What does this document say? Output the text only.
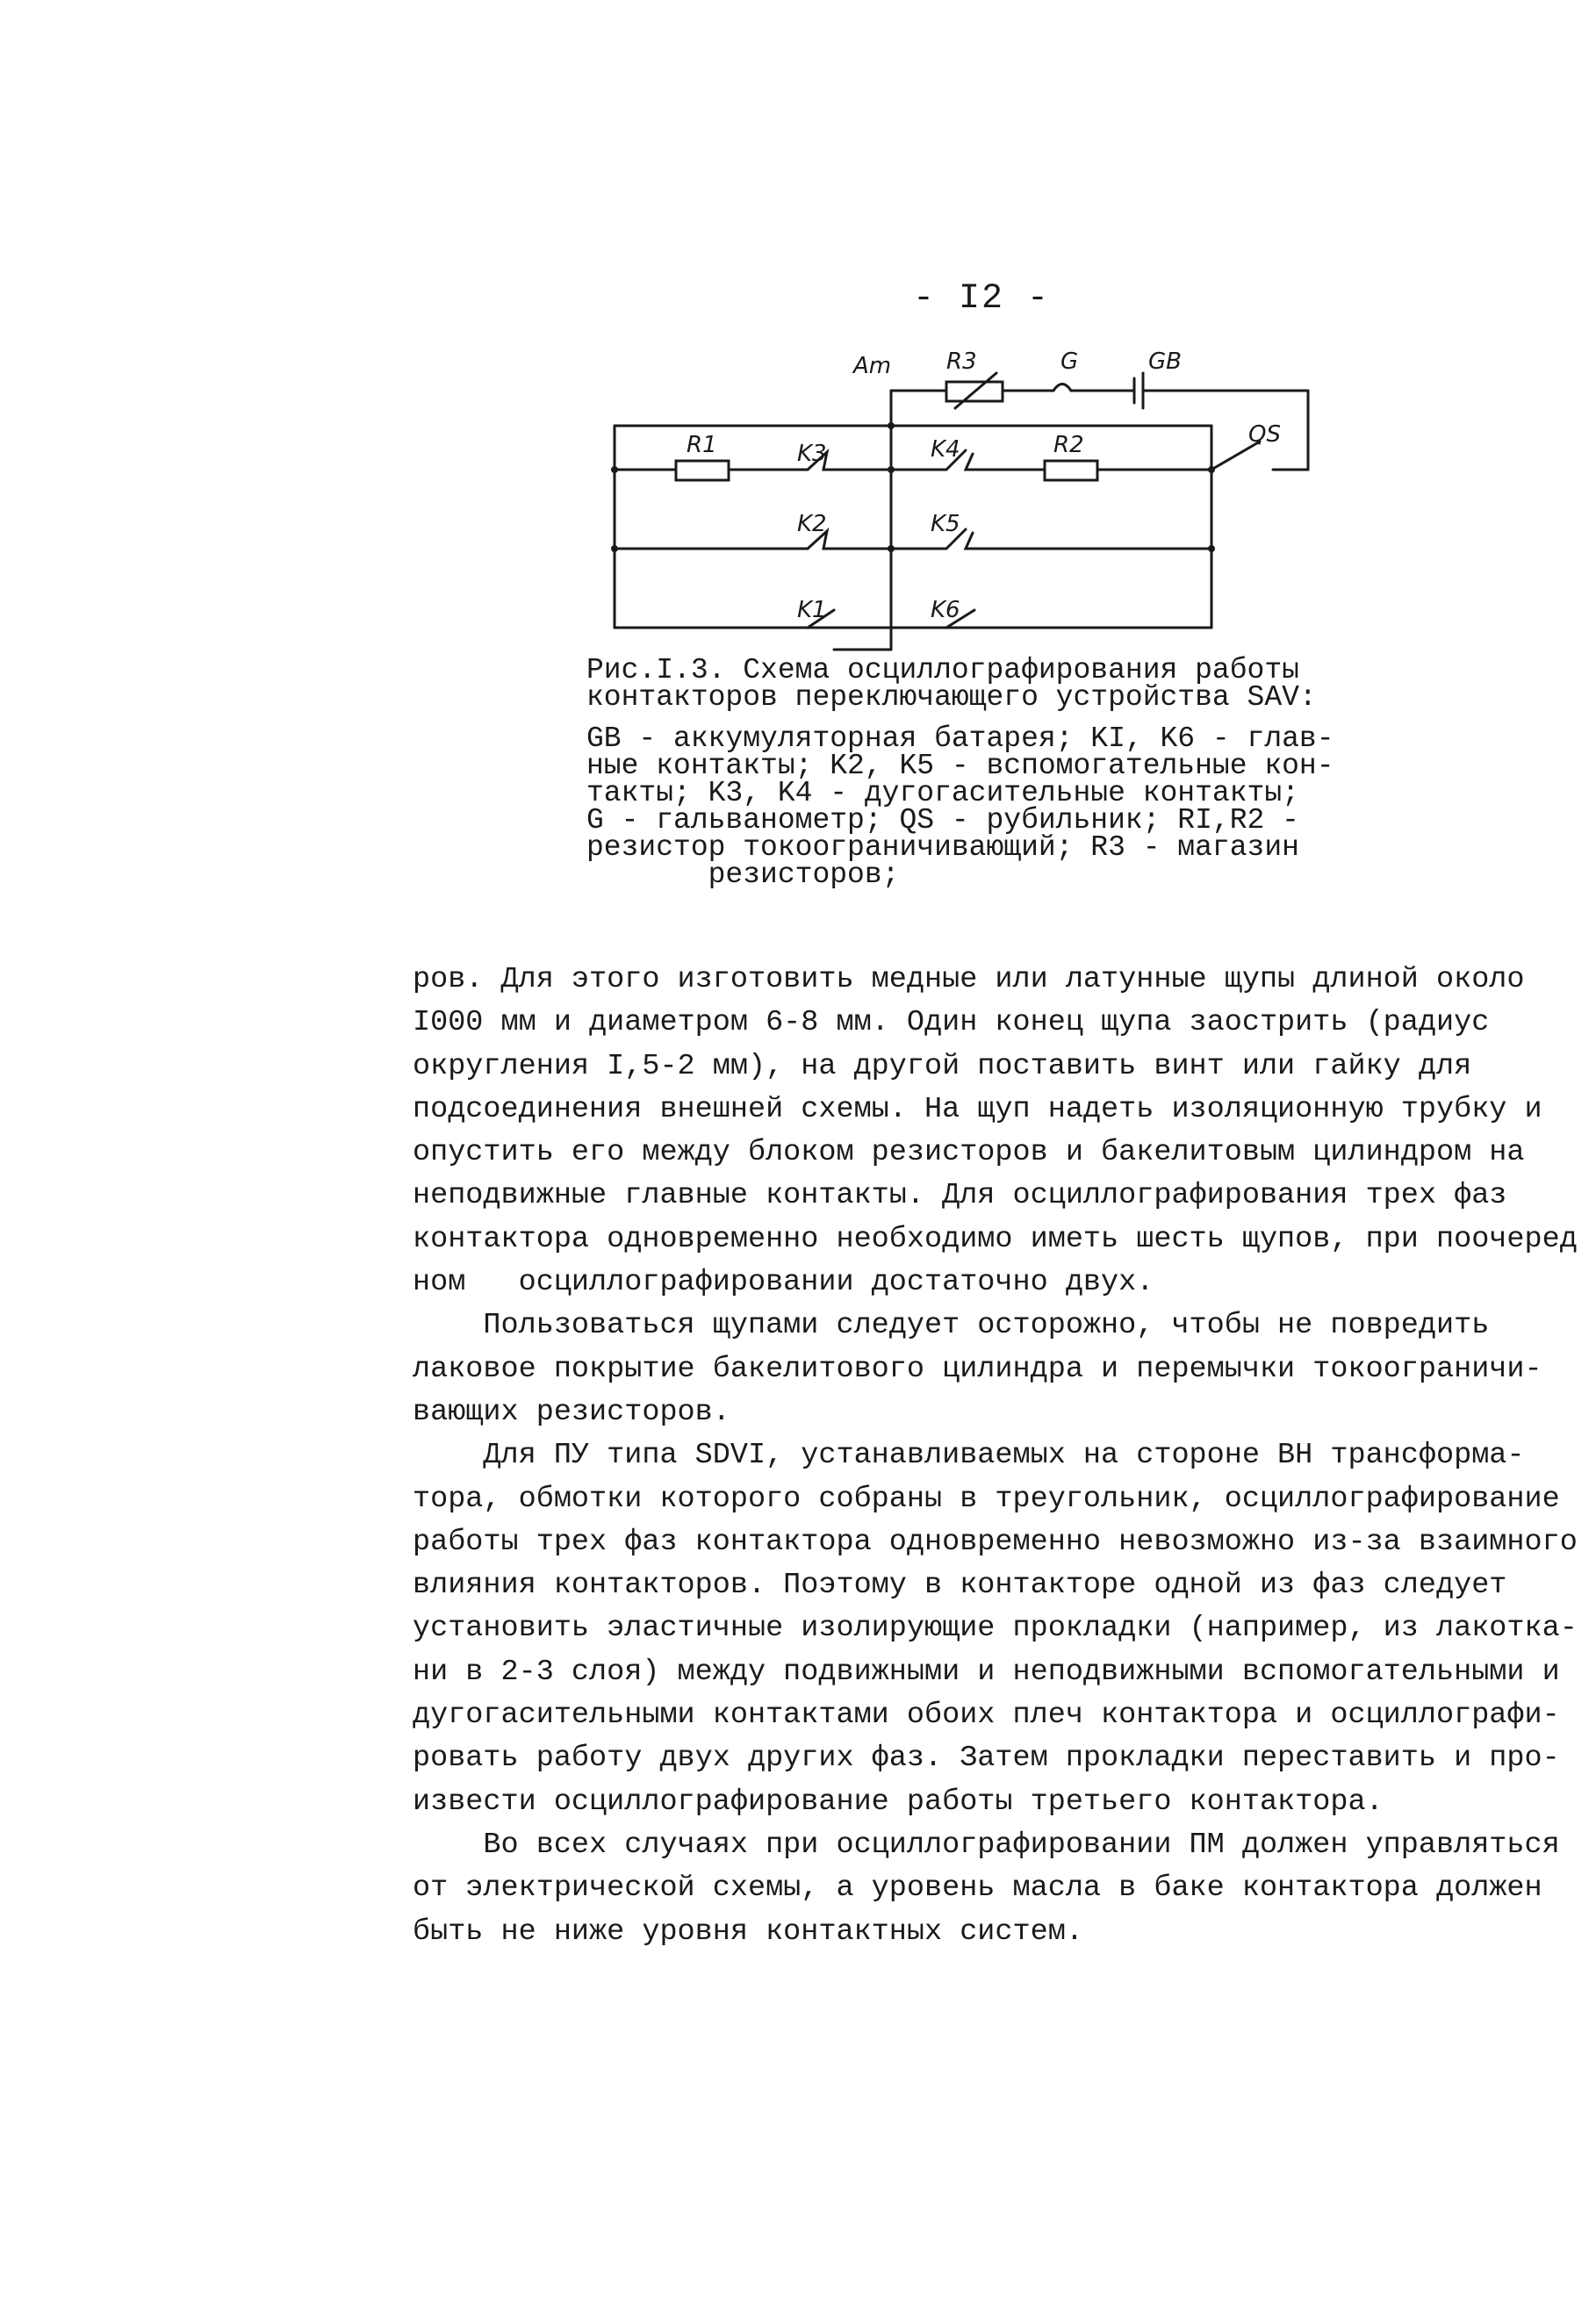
- I2 -
Am R3	G	GB
QS
R1	R2
K3	K4
K2	K5
K1	K6

Рис.I.3. Схема осциллографирования работы

контакторов переключающего устройства SAV:

GB - аккумуляторная батарея; KI, K6 - глав-

ные контакты; K2, K5 - вспомогательные кон-

такты; K3, K4 - дугогасительные контакты;

G - гальванометр; QS - рубильник; RI,R2 -

резистор токоограничивающий; R3 - магазин

резисторов;

ров. Для этого изготовить медные или латунные щупы длиной около

I000 мм и диаметром 6-8 мм. Один конец щупа заострить (радиус

округления I,5-2 мм), на другой поставить винт или гайку для

подсоединения внешней схемы. На щуп надеть изоляционную трубку и

опустить его между блоком резисторов и бакелитовым цилиндром на

неподвижные главные контакты. Для осциллографирования трех фаз

контактора одновременно необходимо иметь шесть щупов, при поочеред

ном   осциллографировании достаточно двух.

Пользоваться щупами следует осторожно, чтобы не повредить

лаковое покрытие бакелитового цилиндра и перемычки токоограничи-

вающих резисторов.

Для ПУ типа SDVI, устанавливаемых на стороне ВН трансформа-

тора, обмотки которого собраны в треугольник, осциллографирование

работы трех фаз контактора одновременно невозможно из-за взаимного

влияния контакторов. Поэтому в контакторе одной из фаз следует

установить эластичные изолирующие прокладки (например, из лакотка-

ни в 2-3 слоя) между подвижными и неподвижными вспомогательными и

дугогасительными контактами обоих плеч контактора и осциллографи-

ровать работу двух других фаз. Затем прокладки переставить и про-

извести осциллографирование работы третьего контактора.

Во всех случаях при осциллографировании ПМ должен управляться

от электрической схемы, а уровень масла в баке контактора должен

быть не ниже уровня контактных систем.
